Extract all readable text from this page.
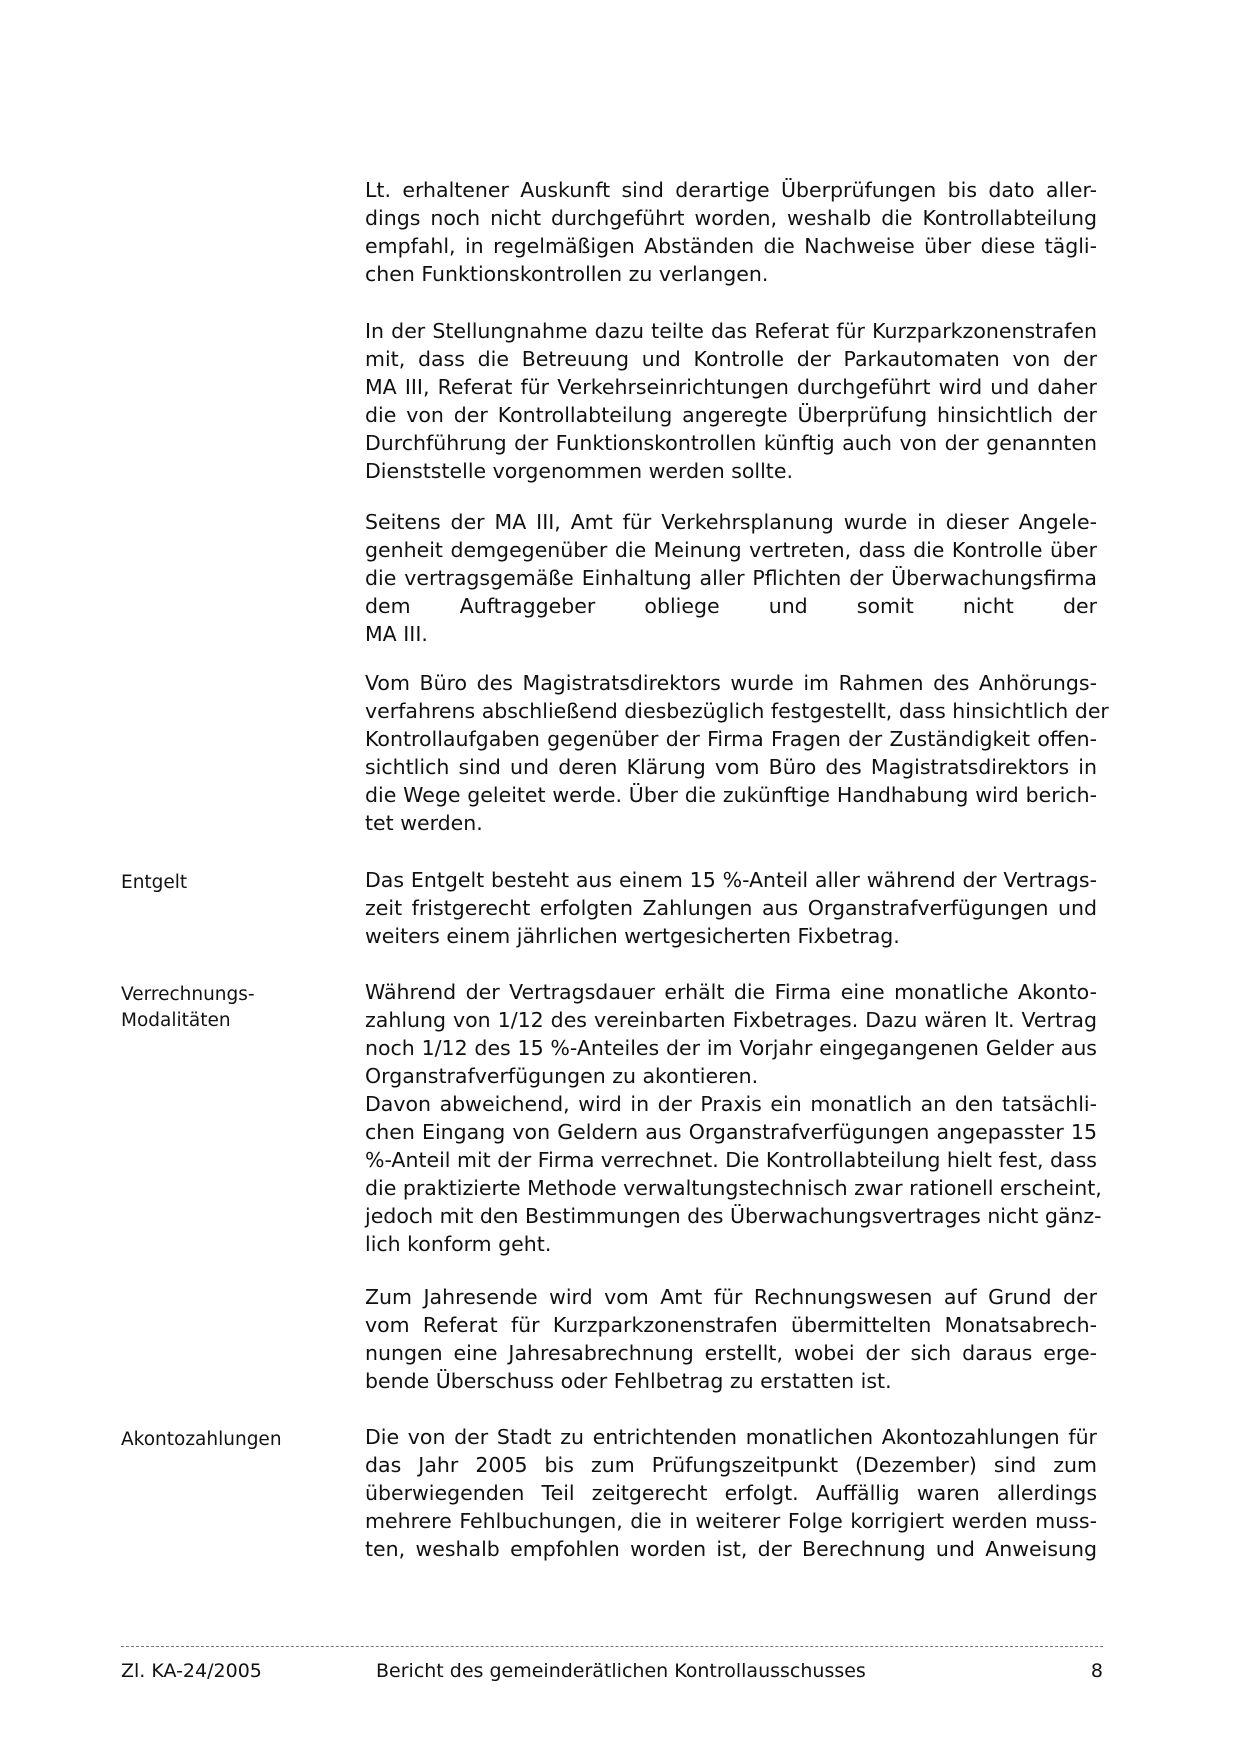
Lt. erhaltener Auskunft sind derartige Überprüfungen bis dato aller-
dings noch nicht durchgeführt worden, weshalb die Kontrollabteilung
empfahl, in regelmäßigen Abständen die Nachweise über diese tägli-
chen Funktionskontrollen zu verlangen.
In der Stellungnahme dazu teilte das Referat für Kurzparkzonenstrafen
mit, dass die Betreuung und Kontrolle der Parkautomaten von der
MA III, Referat für Verkehrseinrichtungen durchgeführt wird und daher
die von der Kontrollabteilung angeregte Überprüfung hinsichtlich der
Durchführung der Funktionskontrollen künftig auch von der genannten
Dienststelle vorgenommen werden sollte.
Seitens der MA III, Amt für Verkehrsplanung wurde in dieser Angele-
genheit demgegenüber die Meinung vertreten, dass die Kontrolle über
die vertragsgemäße Einhaltung aller Pflichten der Überwachungsfirma
dem Auftraggeber obliege und somit nicht der
MA III.
Vom Büro des Magistratsdirektors wurde im Rahmen des Anhörungs-
verfahrens abschließend diesbezüglich festgestellt, dass hinsichtlich der
Kontrollaufgaben gegenüber der Firma Fragen der Zuständigkeit offen-
sichtlich sind und deren Klärung vom Büro des Magistratsdirektors in
die Wege geleitet werde. Über die zukünftige Handhabung wird berich-
tet werden.
Entgelt	Das Entgelt besteht aus einem 15 %-Anteil aller während der Vertrags-
zeit fristgerecht erfolgten Zahlungen aus Organstrafverfügungen und
weiters einem jährlichen wertgesicherten Fixbetrag.
Verrechnungs-
Modalitäten
Während der Vertragsdauer erhält die Firma eine monatliche Akonto-
zahlung von 1/12 des vereinbarten Fixbetrages. Dazu wären lt. Vertrag
noch 1/12 des 15 %-Anteiles der im Vorjahr eingegangenen Gelder aus
Organstrafverfügungen zu akontieren.
Davon abweichend, wird in der Praxis ein monatlich an den tatsächli-
chen Eingang von Geldern aus Organstrafverfügungen angepasster 15
%-Anteil mit der Firma verrechnet. Die Kontrollabteilung hielt fest, dass
die praktizierte Methode verwaltungstechnisch zwar rationell erscheint,
jedoch mit den Bestimmungen des Überwachungsvertrages nicht gänz-
lich konform geht.
Zum Jahresende wird vom Amt für Rechnungswesen auf Grund der
vom Referat für Kurzparkzonenstrafen übermittelten Monatsabrech-
nungen eine Jahresabrechnung erstellt, wobei der sich daraus erge-
bende Überschuss oder Fehlbetrag zu erstatten ist.
Akontozahlungen	Die von der Stadt zu entrichtenden monatlichen Akontozahlungen für
das Jahr 2005 bis zum Prüfungszeitpunkt (Dezember) sind zum
überwiegenden Teil zeitgerecht erfolgt. Auffällig waren allerdings
mehrere Fehlbuchungen, die in weiterer Folge korrigiert werden muss-
ten, weshalb empfohlen worden ist, der Berechnung und Anweisung
Zl. KA-24/2005	Bericht des gemeinderätlichen Kontrollausschusses	8
